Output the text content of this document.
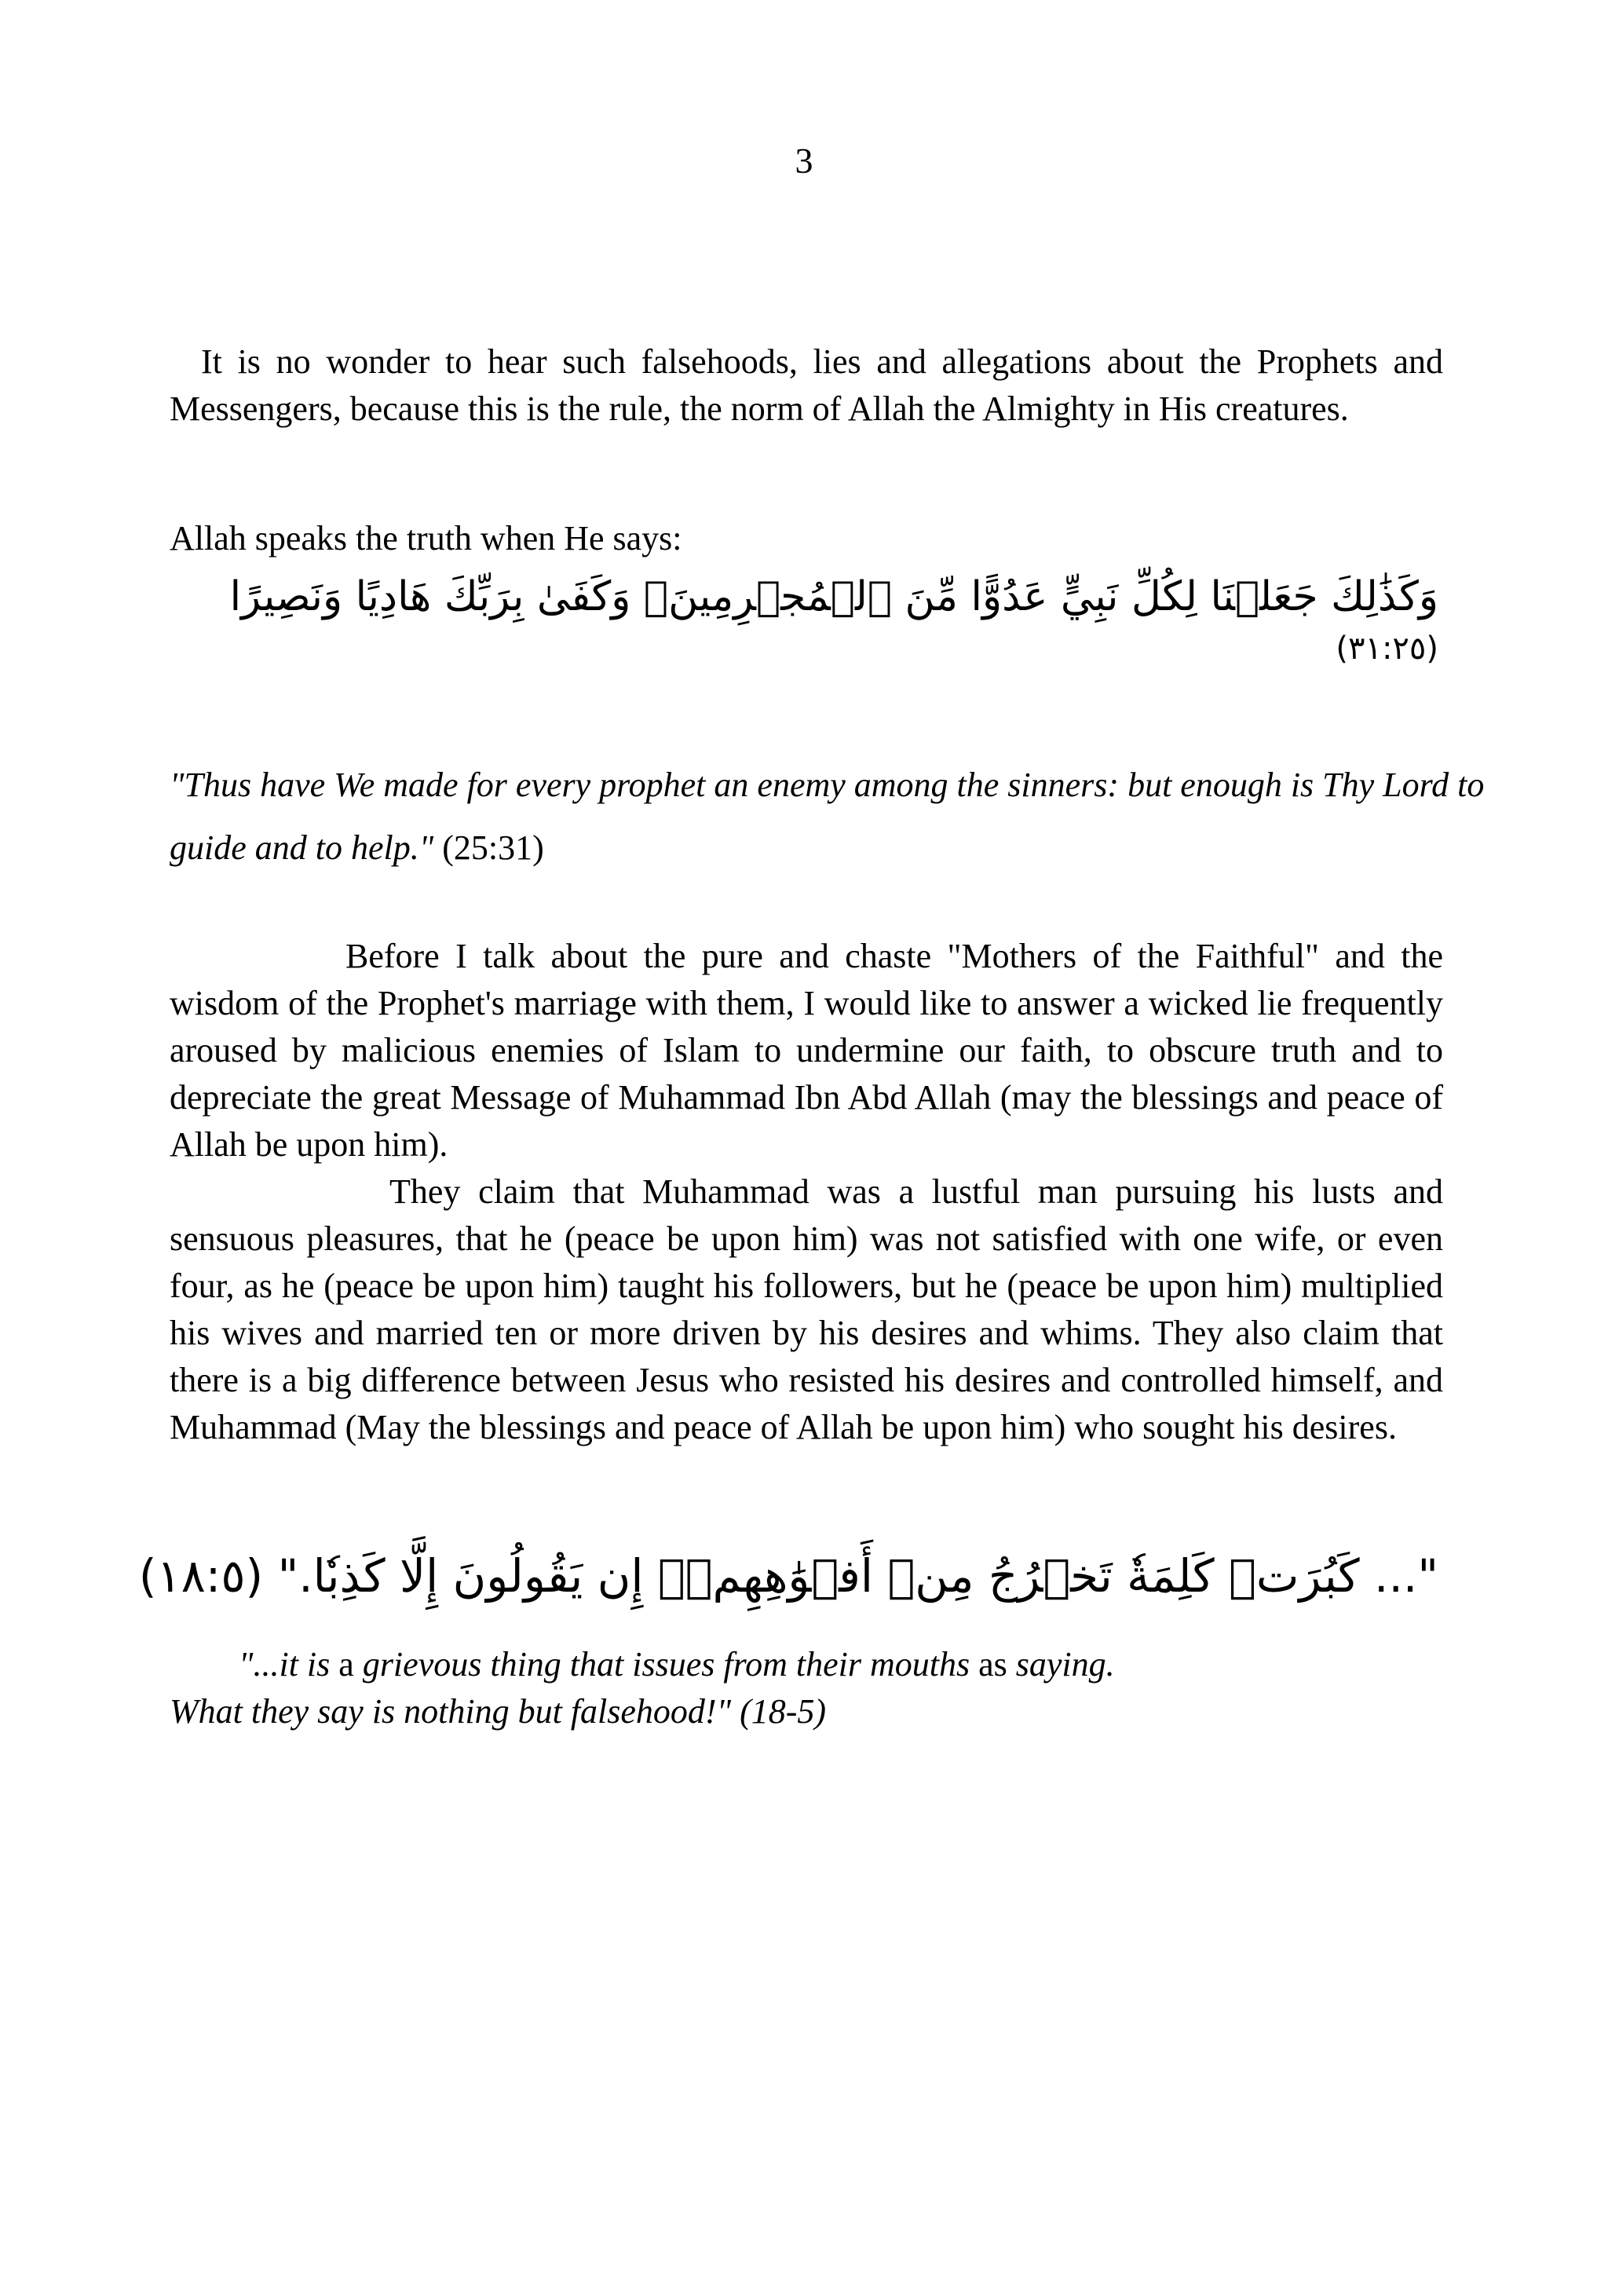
3

It is no wonder to hear such falsehoods, lies and allegations about the Prophets and Messengers, because this is the rule, the norm of Allah the Almighty in His creatures.

Allah speaks the truth when He says:

وَكَذَٰلِكَ جَعَلۡنَا لِكُلِّ نَبِيٍّ عَدُوًّا مِّنَ ٱلۡمُجۡرِمِينَۗ وَكَفَىٰ بِرَبِّكَ هَادِيًا وَنَصِيرًا
(٣١:٢٥)

"Thus have We made for every prophet an enemy among the sinners: but enough is Thy Lord to guide and to help." (25:31)

Before I talk about the pure and chaste "Mothers of the Faithful" and the wisdom of the Prophet's marriage with them, I would like to answer a wicked lie frequently aroused by malicious enemies of Islam to undermine our faith, to obscure truth and to depreciate the great Message of Muhammad Ibn Abd Allah (may the blessings and peace of Allah be upon him).

They claim that Muhammad was a lustful man pursuing his lusts and sensuous pleasures, that he (peace be upon him) was not satisfied with one wife, or even four, as he (peace be upon him) taught his followers, but he (peace be upon him) multiplied his wives and married ten or more driven by his desires and whims. They also claim that there is a big difference between Jesus who resisted his desires and controlled himself, and Muhammad (May the blessings and peace of Allah be upon him) who sought his desires.

"... كَبُرَتۡ كَلِمَةٗ تَخۡرُجُ مِنۡ أَفۡوَٰهِهِمۡۚ إِن يَقُولُونَ إِلَّا كَذِبٗا." (١٨:٥)

"...it is a grievous thing that issues from their mouths as saying.

What they say is nothing but falsehood!" (18-5)
